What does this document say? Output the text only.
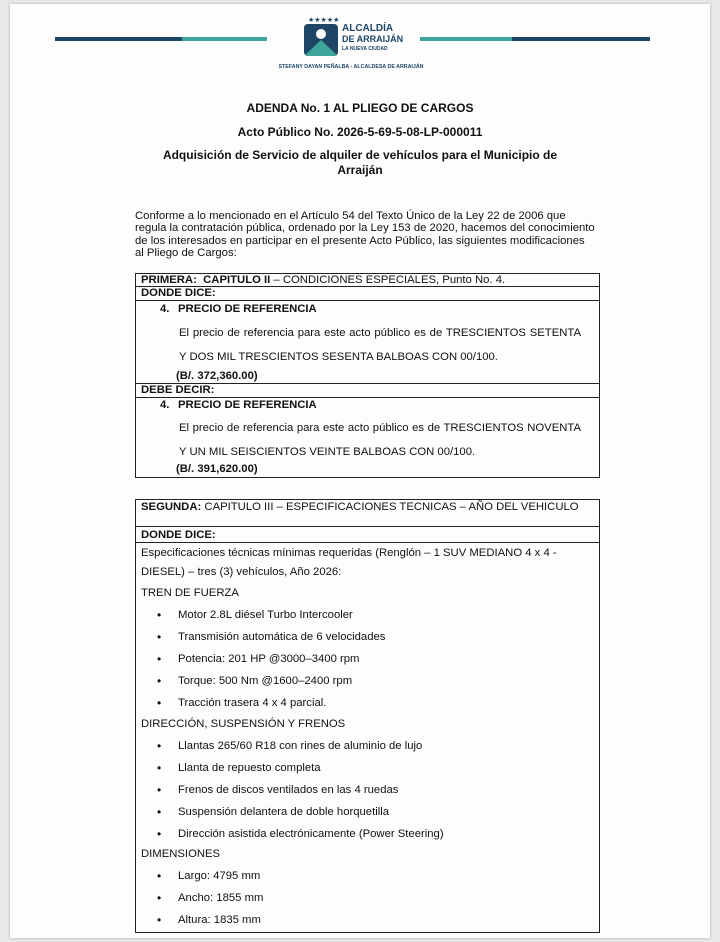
★★★★★
ALCALDÍA
DE ARRAIJÁN
LA NUEVA CIUDAD
STEFANY DAYAN PEÑALBA - ALCALDESA DE ARRAIJÁN
ADENDA No. 1 AL PLIEGO DE CARGOS
Acto Público No. 2026-5-69-5-08-LP-000011
Adquisición de Servicio de alquiler de vehículos para el Municipio de Arraiján
Conforme a lo mencionado en el Artículo 54 del Texto Único de la Ley 22 de 2006 que regula la contratación pública, ordenado por la Ley 153 de 2020, hacemos del conocimiento de los interesados en participar en el presente Acto Público, las siguientes modificaciones al Pliego de Cargos:
PRIMERA: CAPITULO II – CONDICIONES ESPECIALES, Punto No. 4.
DONDE DICE:
4. PRECIO DE REFERENCIA
El precio de referencia para este acto público es de TRESCIENTOS SETENTA Y DOS MIL TRESCIENTOS SESENTA BALBOAS CON 00/100.
(B/. 372,360.00)
DEBE DECIR:
4. PRECIO DE REFERENCIA
El precio de referencia para este acto público es de TRESCIENTOS NOVENTA Y UN MIL SEISCIENTOS VEINTE BALBOAS CON 00/100.
(B/. 391,620.00)
SEGUNDA: CAPITULO III – ESPECIFICACIONES TECNICAS – AÑO DEL VEHICULO
DONDE DICE:
Especificaciones técnicas mínimas requeridas (Renglón – 1 SUV MEDIANO 4 x 4 - DIESEL) – tres (3) vehículos, Año 2026:
TREN DE FUERZA
Motor 2.8L diésel Turbo Intercooler
Transmisión automática de 6 velocidades
Potencia: 201 HP @3000–3400 rpm
Torque: 500 Nm @1600–2400 rpm
Tracción trasera 4 x 4 parcial.
DIRECCIÓN, SUSPENSIÓN Y FRENOS
Llantas 265/60 R18 con rines de aluminio de lujo
Llanta de repuesto completa
Frenos de discos ventilados en las 4 ruedas
Suspensión delantera de doble horquetilla
Dirección asistida electrónicamente (Power Steering)
DIMENSIONES
Largo: 4795 mm
Ancho: 1855 mm
Altura: 1835 mm
